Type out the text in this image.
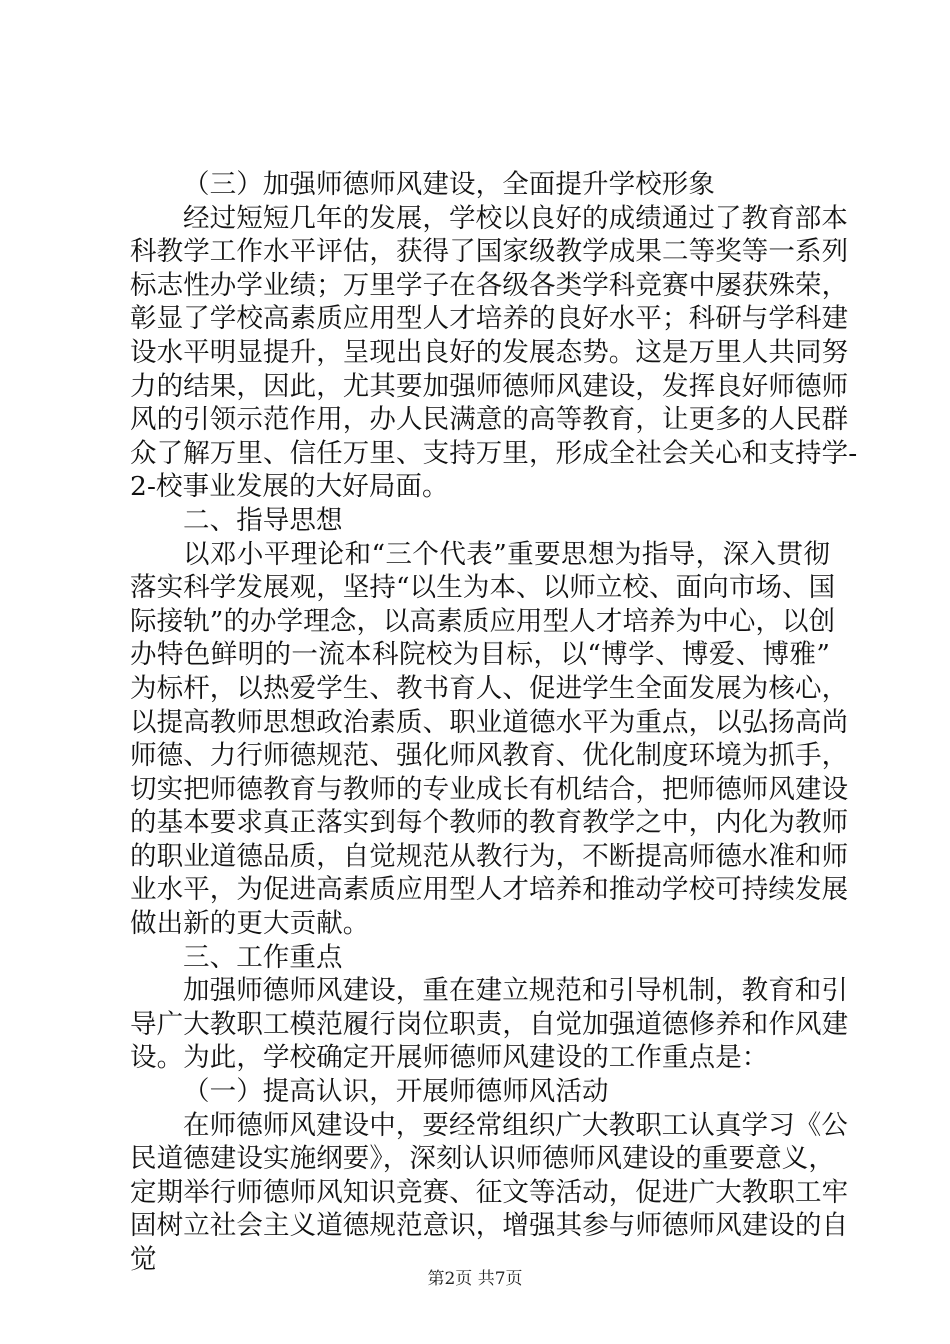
（三）加强师德师风建设，全面提升学校形象
经过短短几年的发展，学校以良好的成绩通过了教育部本
科教学工作水平评估，获得了国家级教学成果二等奖等一系列
标志性办学业绩；万里学子在各级各类学科竞赛中屡获殊荣，
彰显了学校高素质应用型人才培养的良好水平；科研与学科建
设水平明显提升，呈现出良好的发展态势。这是万里人共同努
力的结果，因此，尤其要加强师德师风建设，发挥良好师德师
风的引领示范作用，办人民满意的高等教育，让更多的人民群
众了解万里、信任万里、支持万里，形成全社会关心和支持学-
2-校事业发展的大好局面。
二、指导思想
以邓小平理论和“三个代表”重要思想为指导，深入贯彻
落实科学发展观，坚持“以生为本、以师立校、面向市场、国
际接轨”的办学理念，以高素质应用型人才培养为中心，以创
办特色鲜明的一流本科院校为目标，以“博学、博爱、博雅”
为标杆，以热爱学生、教书育人、促进学生全面发展为核心，
以提高教师思想政治素质、职业道德水平为重点，以弘扬高尚
师德、力行师德规范、强化师风教育、优化制度环境为抓手，
切实把师德教育与教师的专业成长有机结合，把师德师风建设
的基本要求真正落实到每个教师的教育教学之中，内化为教师
的职业道德品质，自觉规范从教行为，不断提高师德水准和师
业水平，为促进高素质应用型人才培养和推动学校可持续发展
做出新的更大贡献。
三、工作重点
加强师德师风建设，重在建立规范和引导机制，教育和引
导广大教职工模范履行岗位职责，自觉加强道德修养和作风建
设。为此，学校确定开展师德师风建设的工作重点是：
（一）提高认识，开展师德师风活动
在师德师风建设中，要经常组织广大教职工认真学习《公
民道德建设实施纲要》，深刻认识师德师风建设的重要意义，
定期举行师德师风知识竞赛、征文等活动，促进广大教职工牢
固树立社会主义道德规范意识，增强其参与师德师风建设的自
觉
第2页 共7页
